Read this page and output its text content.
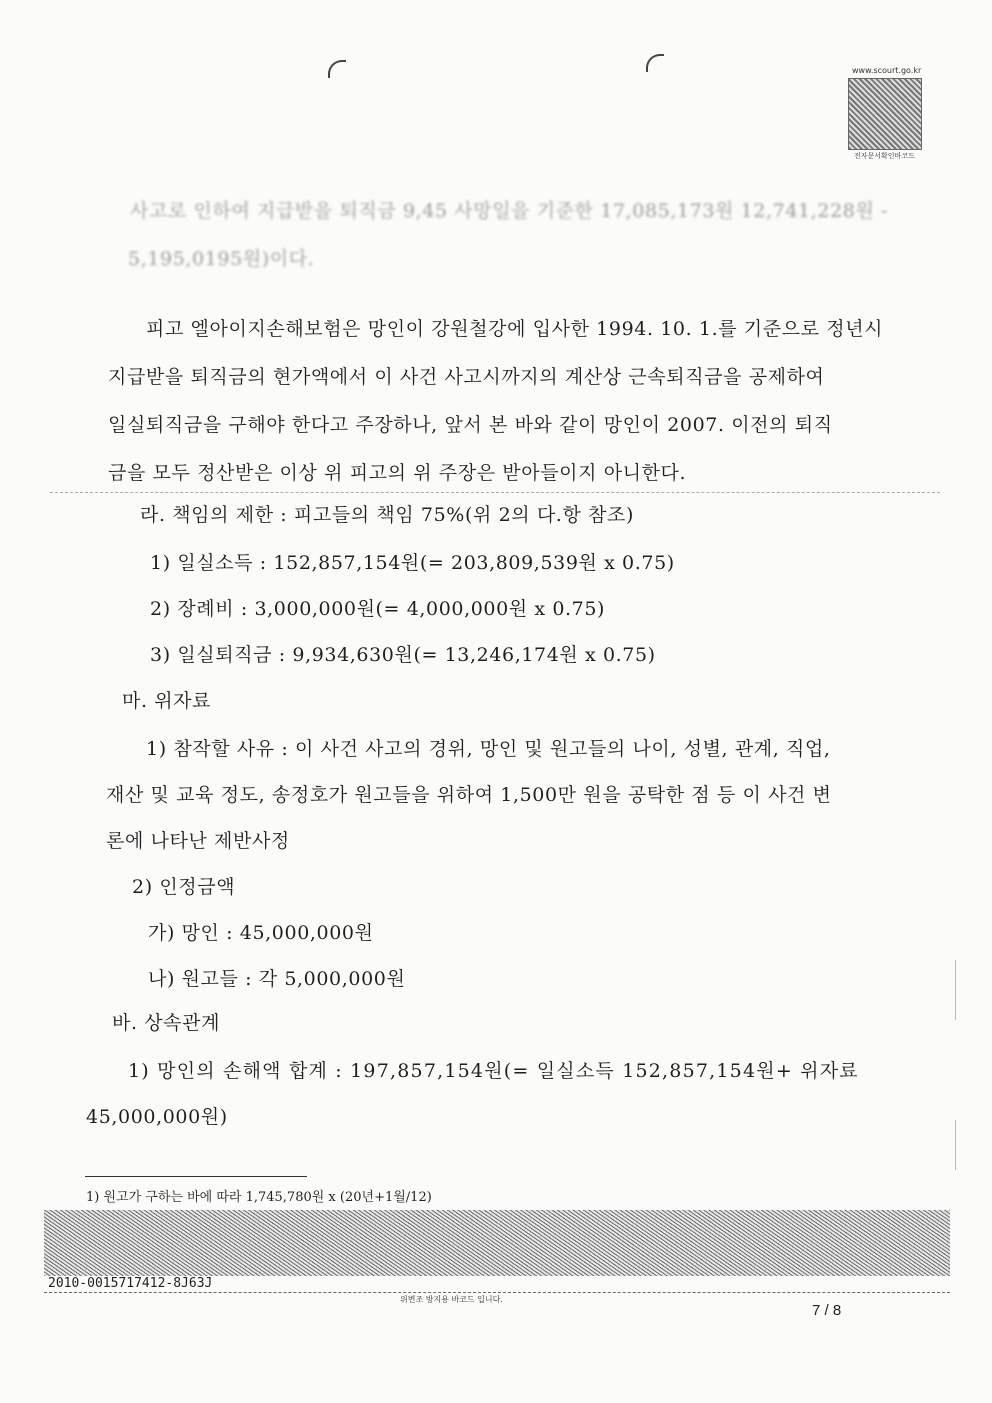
www.scourt.go.kr
전자문서확인바코드
사고로 인하여 지급받을 퇴직금 9,45 사망일을 기준한 17,085,173원 12,741,228원 -
5,195,0195원)이다.
피고 엘아이지손해보험은 망인이 강원철강에 입사한 1994. 10. 1.를 기준으로 정년시
지급받을 퇴직금의 현가액에서 이 사건 사고시까지의 계산상 근속퇴직금을 공제하여
일실퇴직금을 구해야 한다고 주장하나, 앞서 본 바와 같이 망인이 2007. 이전의 퇴직
금을 모두 정산받은 이상 위 피고의 위 주장은 받아들이지 아니한다.
라. 책임의 제한 : 피고들의 책임 75%(위 2의 다.항 참조)
1) 일실소득 : 152,857,154원(= 203,809,539원 x 0.75)
2) 장례비 : 3,000,000원(= 4,000,000원 x 0.75)
3) 일실퇴직금 : 9,934,630원(= 13,246,174원 x 0.75)
마. 위자료
1) 참작할 사유 : 이 사건 사고의 경위, 망인 및 원고들의 나이, 성별, 관계, 직업,
재산 및 교육 정도, 송정호가 원고들을 위하여 1,500만 원을 공탁한 점 등 이 사건 변
론에 나타난 제반사정
2) 인정금액
가) 망인 : 45,000,000원
나) 원고들 : 각 5,000,000원
바. 상속관계
1) 망인의 손해액 합계 : 197,857,154원(= 일실소득 152,857,154원+ 위자료
45,000,000원)
1) 원고가 구하는 바에 따라 1,745,780원 x (20년+1월/12)
2010-0015717412-8J63J
위변조 방지용 바코드 입니다.
7 / 8
